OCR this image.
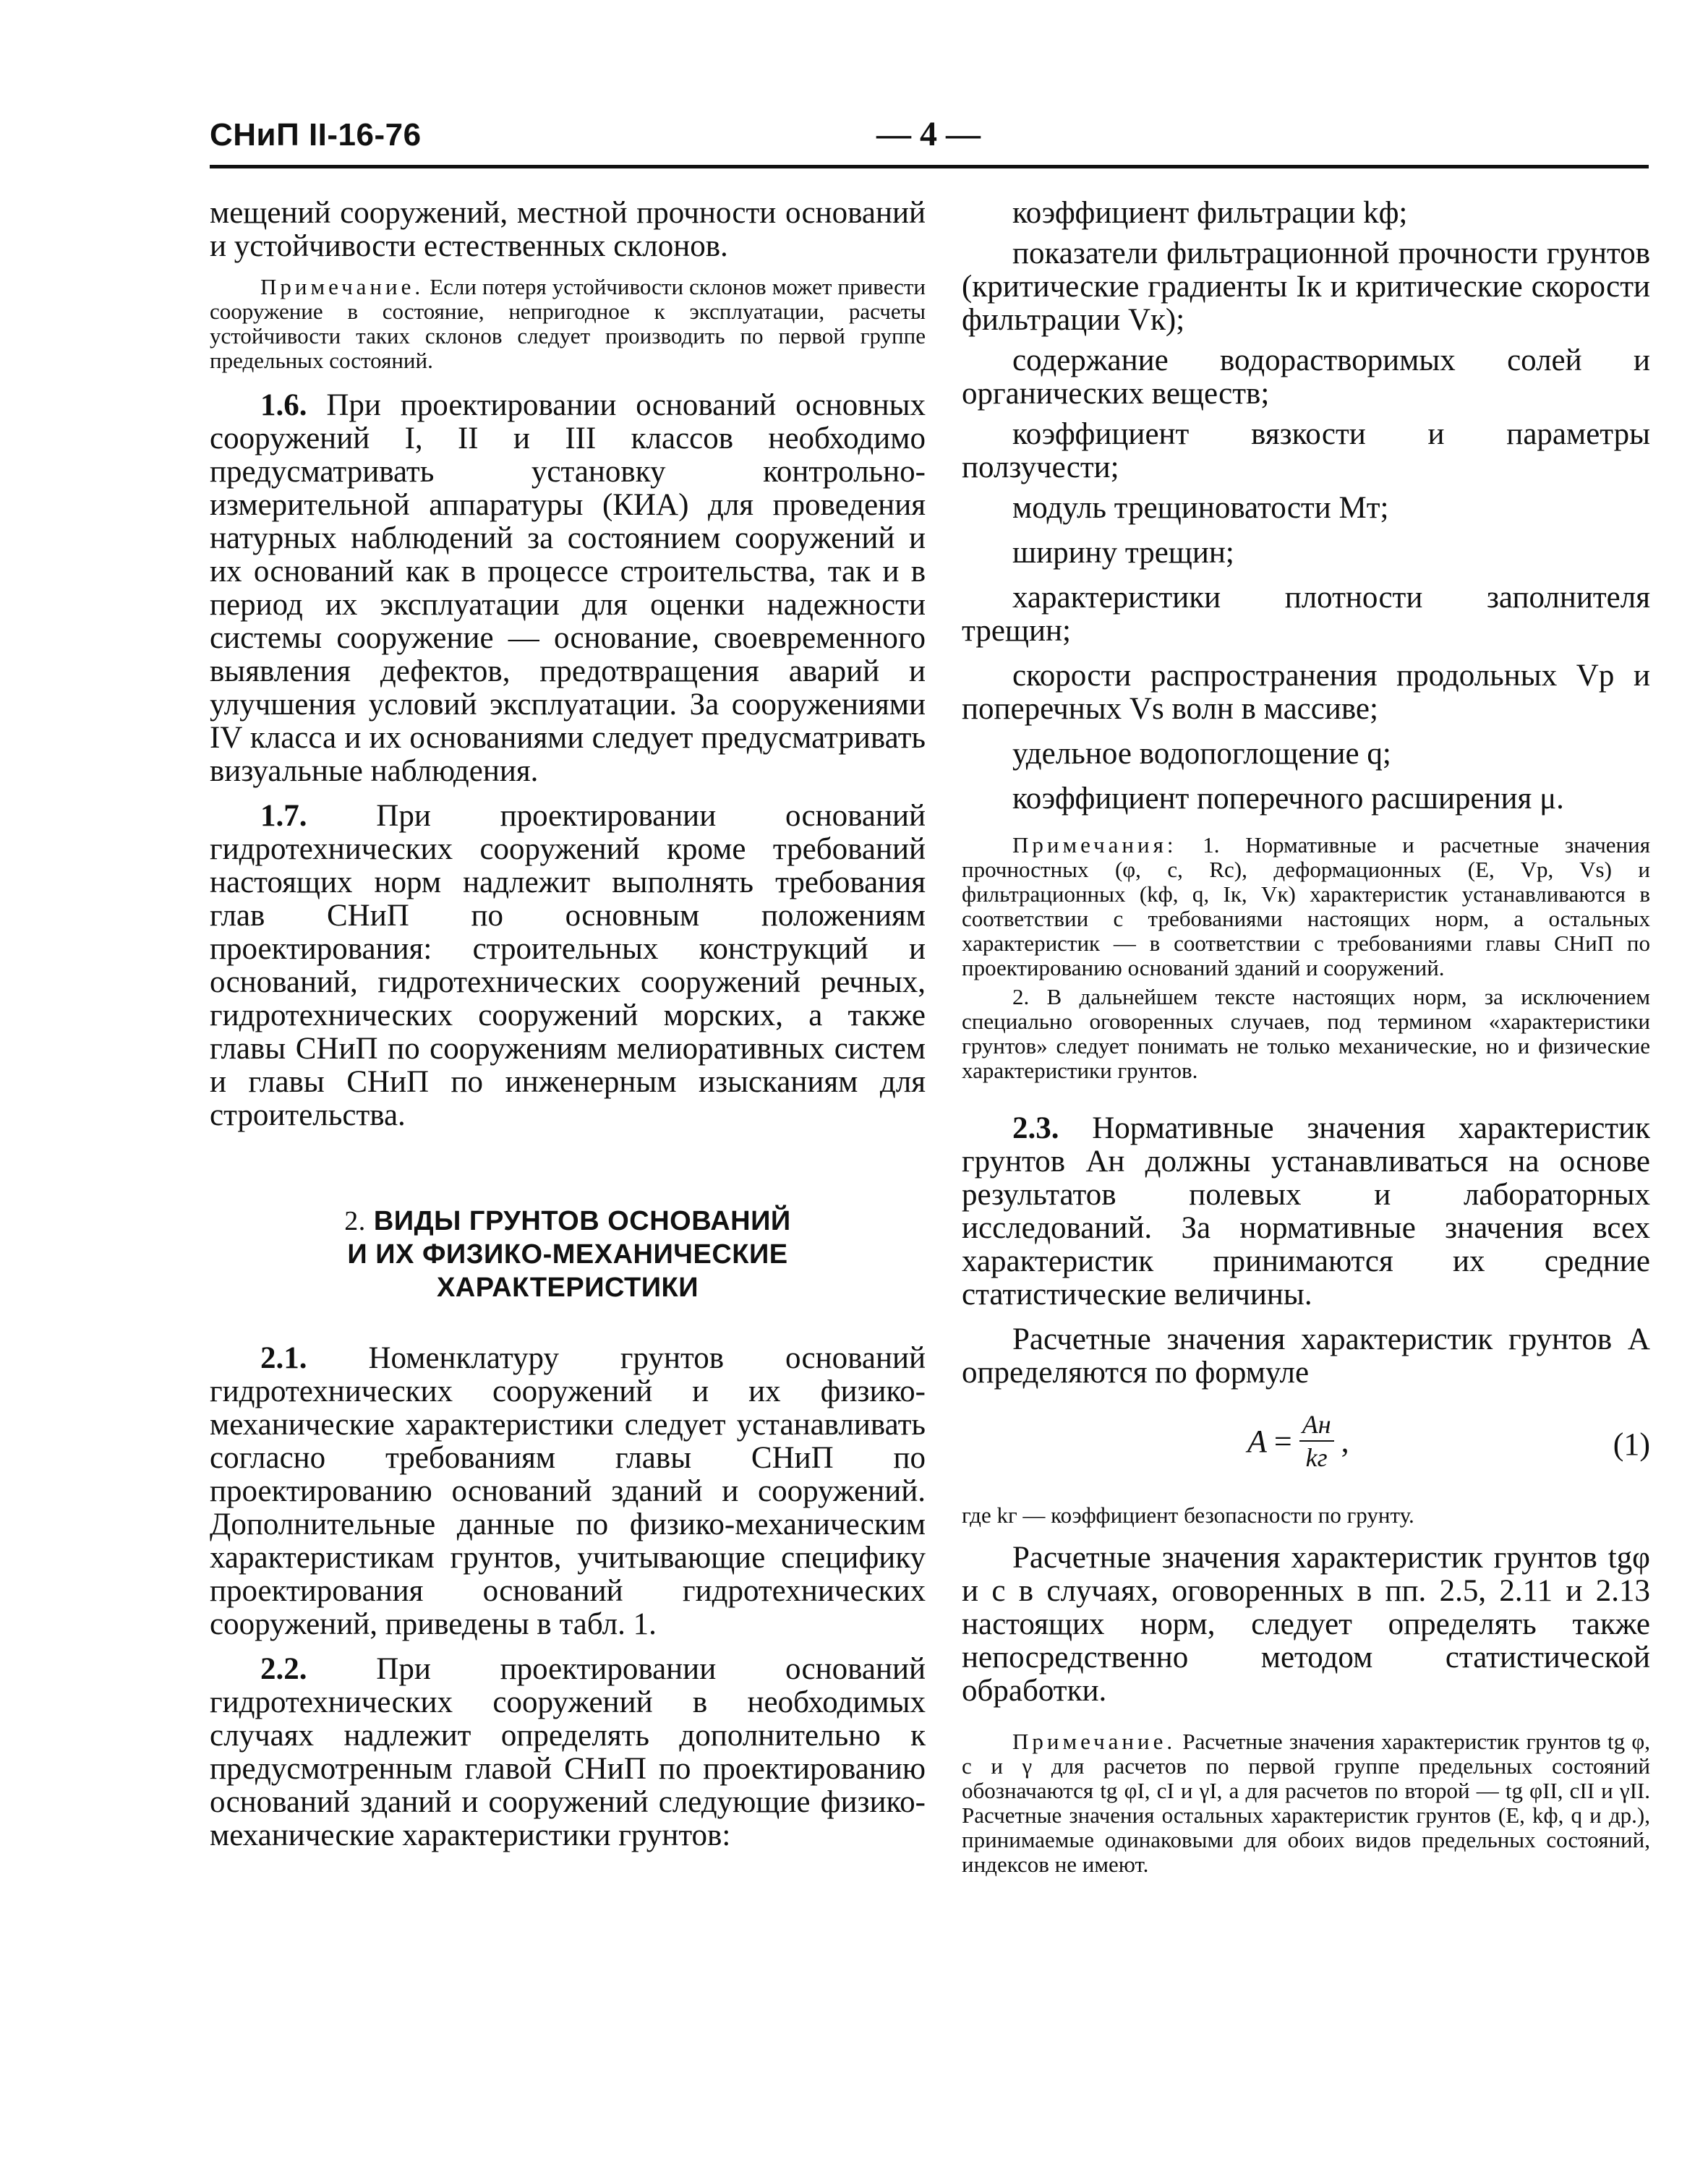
СНиП II-16-76	— 4 —

мещений сооружений, местной прочности оснований и устойчивости естественных склонов.

Примечание. Если потеря устойчивости склонов может привести сооружение в состояние, непригодное к эксплуатации, расчеты устойчивости таких склонов следует производить по первой группе предельных состояний.

1.6. При проектировании оснований основных сооружений I, II и III классов необходимо предусматривать установку контрольно-измерительной аппаратуры (КИА) для проведения натурных наблюдений за состоянием сооружений и их оснований как в процессе строительства, так и в период их эксплуатации для оценки надежности системы сооружение — основание, своевременного выявления дефектов, предотвращения аварий и улучшения условий эксплуатации. За сооружениями IV класса и их основаниями следует предусматривать визуальные наблюдения.

1.7. При проектировании оснований гидротехнических сооружений кроме требований настоящих норм надлежит выполнять требования глав СНиП по основным положениям проектирования: строительных конструкций и оснований, гидротехнических сооружений речных, гидротехнических сооружений морских, а также главы СНиП по сооружениям мелиоративных систем и главы СНиП по инженерным изысканиям для строительства.

2. ВИДЫ ГРУНТОВ ОСНОВАНИЙ
И ИХ ФИЗИКО-МЕХАНИЧЕСКИЕ
ХАРАКТЕРИСТИКИ

2.1. Номенклатуру грунтов оснований гидротехнических сооружений и их физико-механические характеристики следует устанавливать согласно требованиям главы СНиП по проектированию оснований зданий и сооружений. Дополнительные данные по физико-механическим характеристикам грунтов, учитывающие специфику проектирования оснований гидротехнических сооружений, приведены в табл. 1.

2.2. При проектировании оснований гидротехнических сооружений в необходимых случаях надлежит определять дополнительно к предусмотренным главой СНиП по проектированию оснований зданий и сооружений следующие физико-механические характеристики грунтов:

коэффициент фильтрации kф;
показатели фильтрационной прочности грунтов (критические градиенты Iк и критические скорости фильтрации Vк);
содержание водорастворимых солей и органических веществ;
коэффициент вязкости и параметры ползучести;
модуль трещиноватости Mт;
ширину трещин;
характеристики плотности заполнителя трещин;
скорости распространения продольных Vp и поперечных Vs волн в массиве;
удельное водопоглощение q;
коэффициент поперечного расширения μ.

Примечания: 1. Нормативные и расчетные значения прочностных (φ, c, Rc), деформационных (E, Vp, Vs) и фильтрационных (kф, q, Iк, Vк) характеристик устанавливаются в соответствии с требованиями настоящих норм, а остальных характеристик — в соответствии с требованиями главы СНиП по проектированию оснований зданий и сооружений.

2. В дальнейшем тексте настоящих норм, за исключением специально оговоренных случаев, под термином «характеристики грунтов» следует понимать не только механические, но и физические характеристики грунтов.

2.3. Нормативные значения характеристик грунтов Aн должны устанавливаться на основе результатов полевых и лабораторных исследований. За нормативные значения всех характеристик принимаются их средние статистические величины.

Расчетные значения характеристик грунтов A определяются по формуле

$A = \frac{Aн}{kг}$ ,	(1)

где kг — коэффициент безопасности по грунту.

Расчетные значения характеристик грунтов tgφ и c в случаях, оговоренных в пп. 2.5, 2.11 и 2.13 настоящих норм, следует определять также непосредственно методом статистической обработки.

Примечание. Расчетные значения характеристик грунтов tg φ, c и γ для расчетов по первой группе предельных состояний обозначаются tg φI, cI и γI, а для расчетов по второй — tg φII, cII и γII. Расчетные значения остальных характеристик грунтов (E, kф, q и др.), принимаемые одинаковыми для обоих видов предельных состояний, индексов не имеют.
